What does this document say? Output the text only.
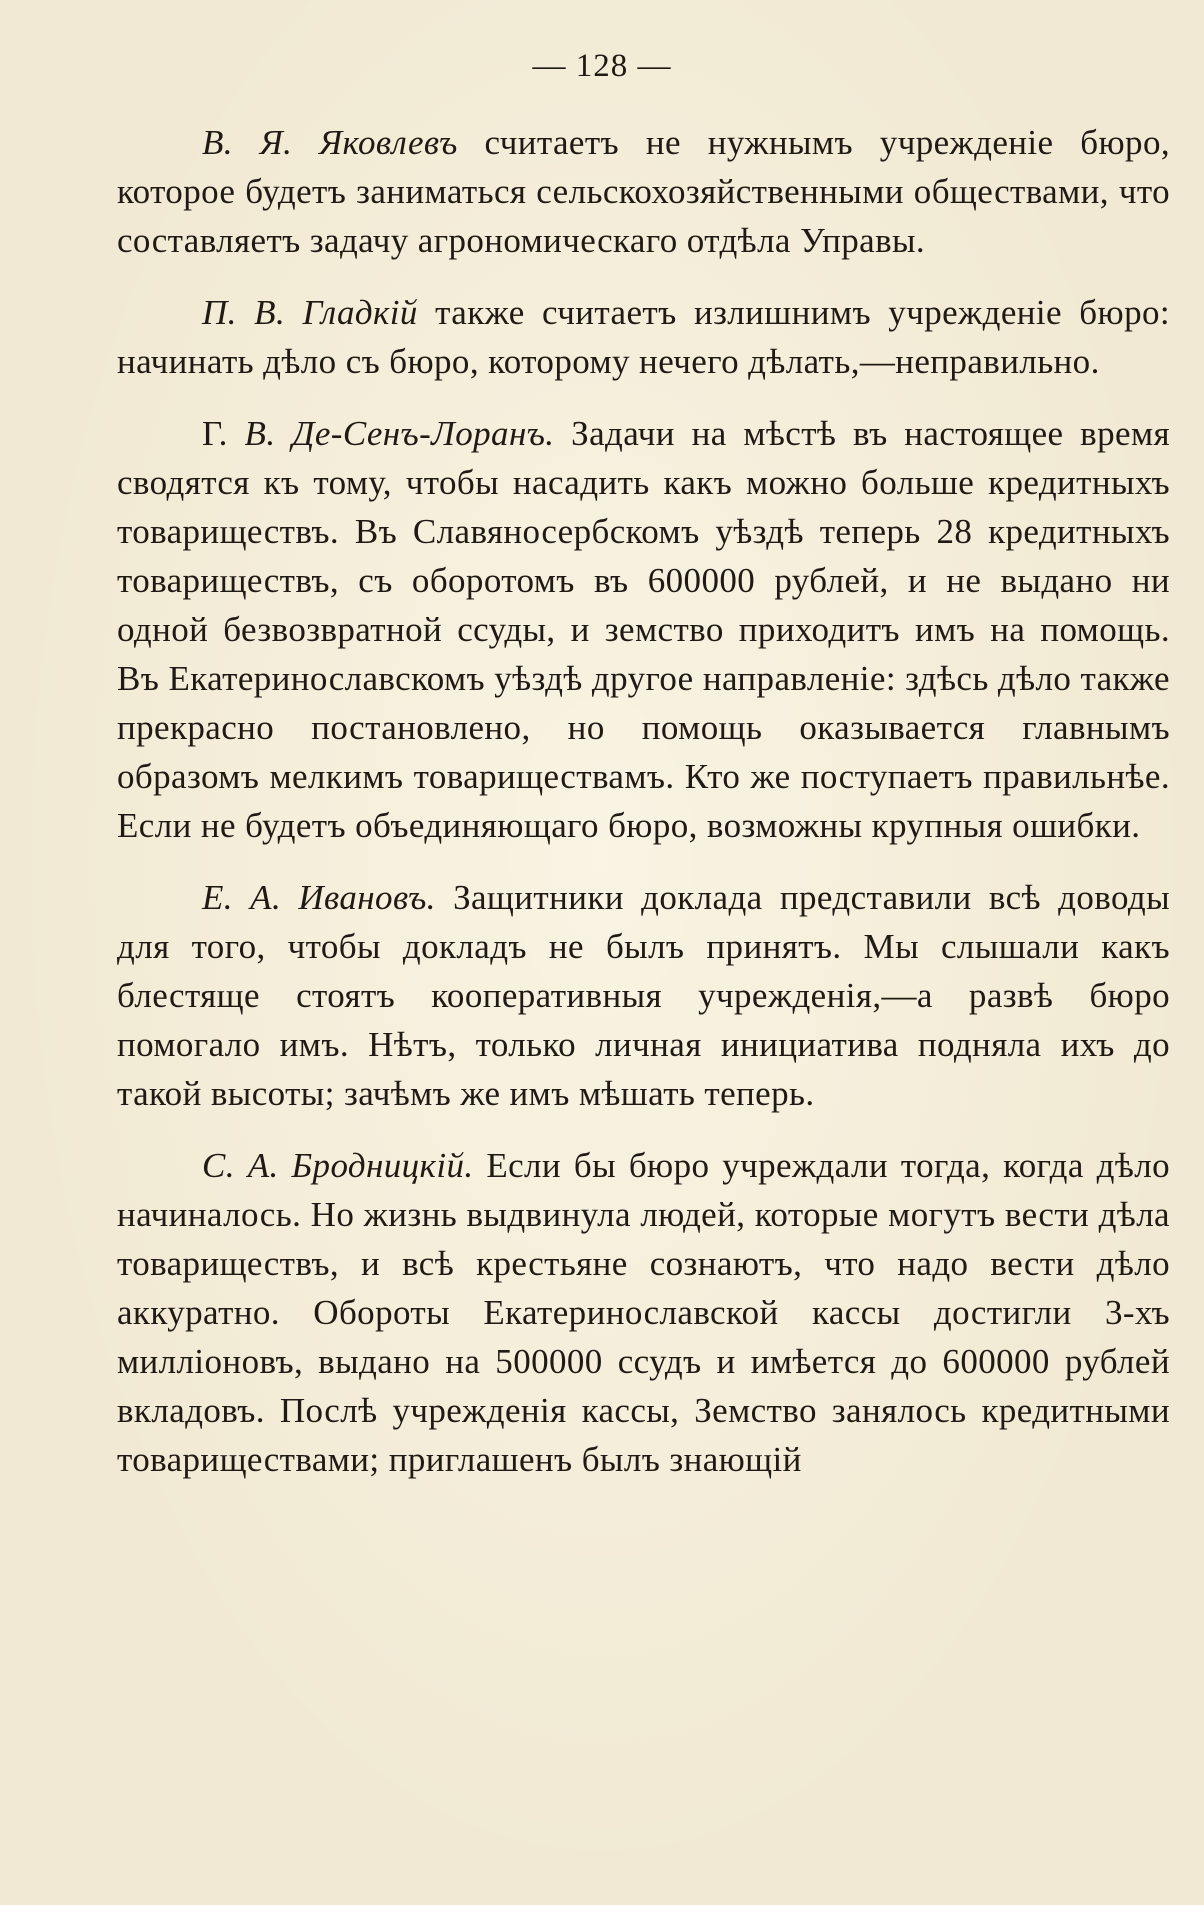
— 128 —

В. Я. Яковлевъ считаетъ не нужнымъ учрежденіе бюро, которое будетъ заниматься сельскохозяйственными обществами, что составляетъ задачу агрономическаго отдѣла Управы.

П. В. Гладкій также считаетъ излишнимъ учрежденіе бюро: начинать дѣло съ бюро, которому нечего дѣлать,—неправильно.

Г. В. Де-Сенъ-Лоранъ. Задачи на мѣстѣ въ настоящее время сводятся къ тому, чтобы насадить какъ можно больше кредитныхъ товариществъ. Въ Славяносербскомъ уѣздѣ теперь 28 кредитныхъ товариществъ, съ оборотомъ въ 600000 рублей, и не выдано ни одной безвозвратной ссуды, и земство приходитъ имъ на помощь. Въ Екатеринославскомъ уѣздѣ другое направленіе: здѣсь дѣло также прекрасно постановлено, но помощь оказывается главнымъ образомъ мелкимъ товариществамъ. Кто же поступаетъ правильнѣе. Если не будетъ объединяющаго бюро, возможны крупныя ошибки.

Е. А. Ивановъ. Защитники доклада представили всѣ доводы для того, чтобы докладъ не былъ принятъ. Мы слышали какъ блестяще стоятъ кооперативныя учрежденія,—а развѣ бюро помогало имъ. Нѣтъ, только личная инициатива подняла ихъ до такой высоты; зачѣмъ же имъ мѣшать теперь.

С. А. Бродницкій. Если бы бюро учреждали тогда, когда дѣло начиналось. Но жизнь выдвинула людей, которые могутъ вести дѣла товариществъ, и всѣ крестьяне сознаютъ, что надо вести дѣло аккуратно. Обороты Екатеринославской кассы достигли 3-хъ милліоновъ, выдано на 500000 ссудъ и имѣется до 600000 рублей вкладовъ. Послѣ учрежденія кассы, Земство занялось кредитными товариществами; приглашенъ былъ знающій
